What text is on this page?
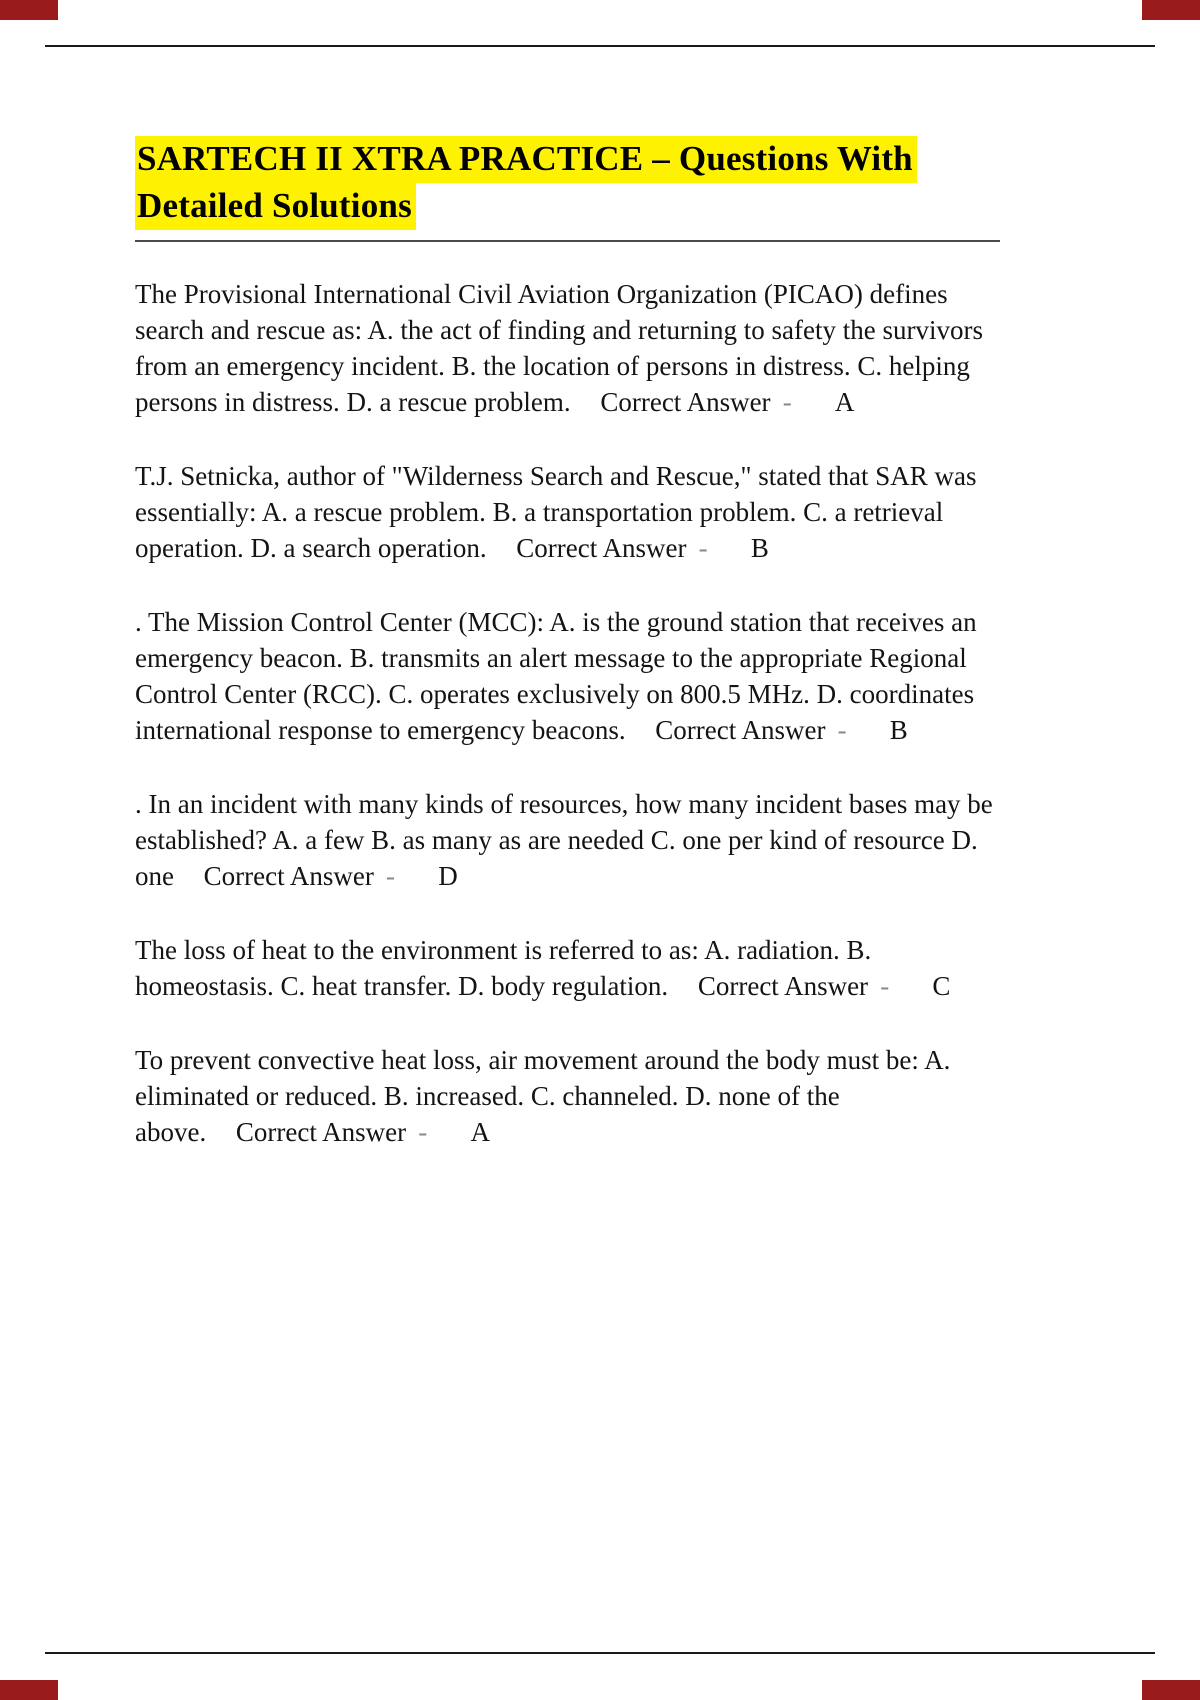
SARTECH II XTRA PRACTICE – Questions With
Detailed Solutions

The Provisional International Civil Aviation Organization (PICAO) defines search and rescue as: A. the act of finding and returning to safety the survivors from an emergency incident. B. the location of persons in distress. C. helping persons in distress. D. a rescue problem. Correct Answer - A

T.J. Setnicka, author of "Wilderness Search and Rescue," stated that SAR was essentially: A. a rescue problem. B. a transportation problem. C. a retrieval operation. D. a search operation. Correct Answer - B

. The Mission Control Center (MCC): A. is the ground station that receives an emergency beacon. B. transmits an alert message to the appropriate Regional Control Center (RCC). C. operates exclusively on 800.5 MHz. D. coordinates international response to emergency beacons. Correct Answer - B

. In an incident with many kinds of resources, how many incident bases may be established? A. a few B. as many as are needed C. one per kind of resource D. one Correct Answer - D

The loss of heat to the environment is referred to as: A. radiation. B. homeostasis. C. heat transfer. D. body regulation. Correct Answer - C

To prevent convective heat loss, air movement around the body must be: A. eliminated or reduced. B. increased. C. channeled. D. none of the above. Correct Answer - A
